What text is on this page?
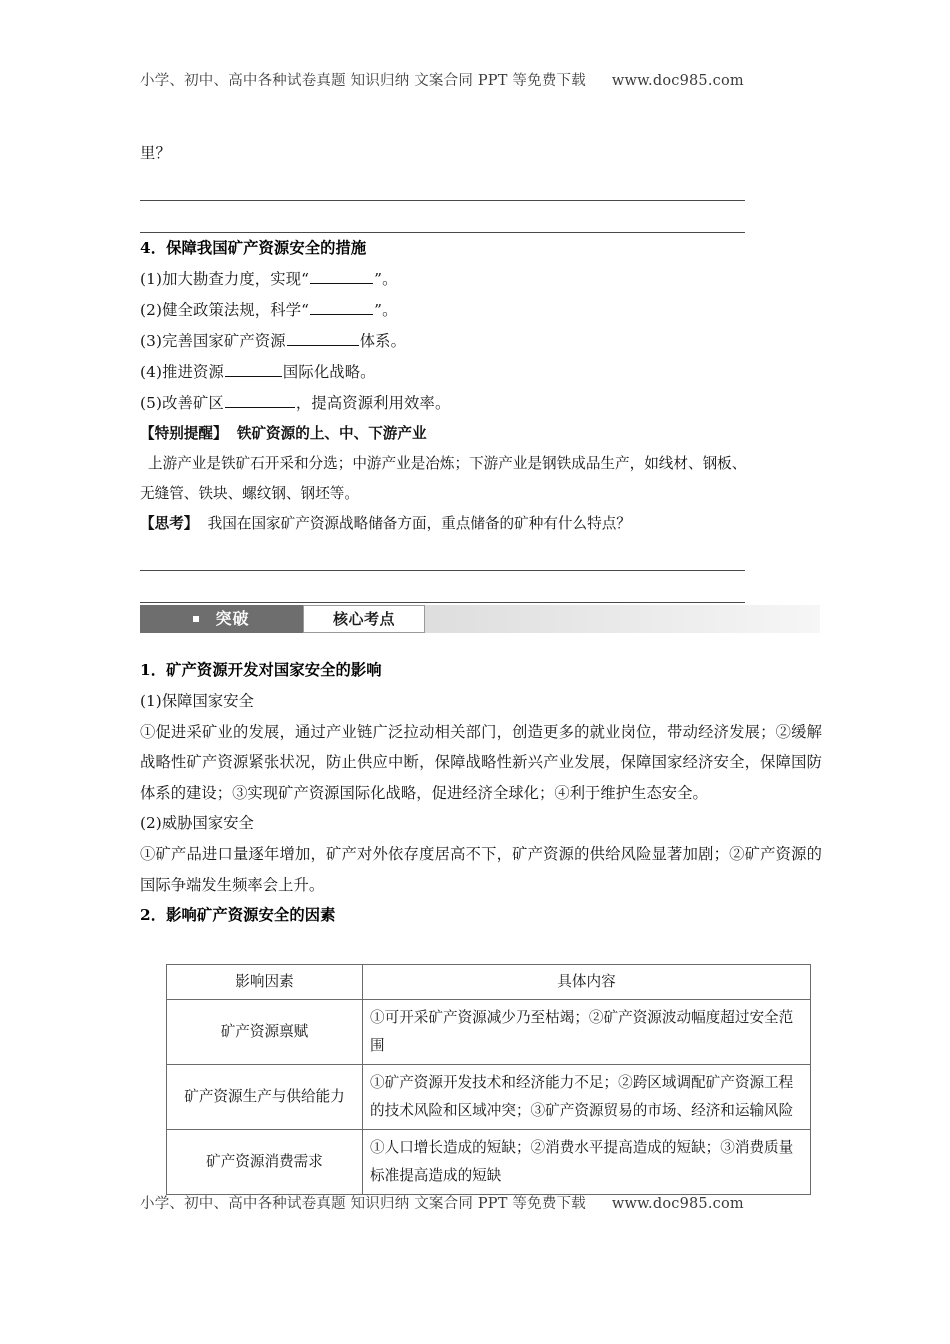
小学、初中、高中各种试卷真题 知识归纳 文案合同 PPT 等免费下载 www.doc985.com
里？
4．保障我国矿产资源安全的措施
(1)加大勘查力度，实现“	”。
(2)健全政策法规，科学“	”。
(3)完善国家矿产资源	体系。
(4)推进资源	国际化战略。
(5)改善矿区	，提高资源利用效率。
【特别提醒】 铁矿资源的上、中、下游产业
上游产业是铁矿石开采和分选；中游产业是冶炼；下游产业是钢铁成品生产，如线材、钢板、
无缝管、铁块、螺纹钢、钢坯等。
【思考】 我国在国家矿产资源战略储备方面，重点储备的矿种有什么特点？
突破	核心考点
1．矿产资源开发对国家安全的影响
(1)保障国家安全
①促进采矿业的发展，通过产业链广泛拉动相关部门，创造更多的就业岗位，带动经济发展；②缓解战略性矿产资源紧张状况，防止供应中断，保障战略性新兴产业发展，保障国家经济安全，保障国防体系的建设；③实现矿产资源国际化战略，促进经济全球化；④利于维护生态安全。
(2)威胁国家安全
①矿产品进口量逐年增加，矿产对外依存度居高不下，矿产资源的供给风险显著加剧；②矿产资源的国际争端发生频率会上升。
2．影响矿产资源安全的因素
影响因素	具体内容
矿产资源禀赋	①可开采矿产资源减少乃至枯竭；②矿产资源波动幅度超过安全范围
矿产资源生产与供给能力	①矿产资源开发技术和经济能力不足；②跨区域调配矿产资源工程的技术风险和区域冲突；③矿产资源贸易的市场、经济和运输风险
矿产资源消费需求	①人口增长造成的短缺；②消费水平提高造成的短缺；③消费质量标准提高造成的短缺
小学、初中、高中各种试卷真题 知识归纳 文案合同 PPT 等免费下载 www.doc985.com
